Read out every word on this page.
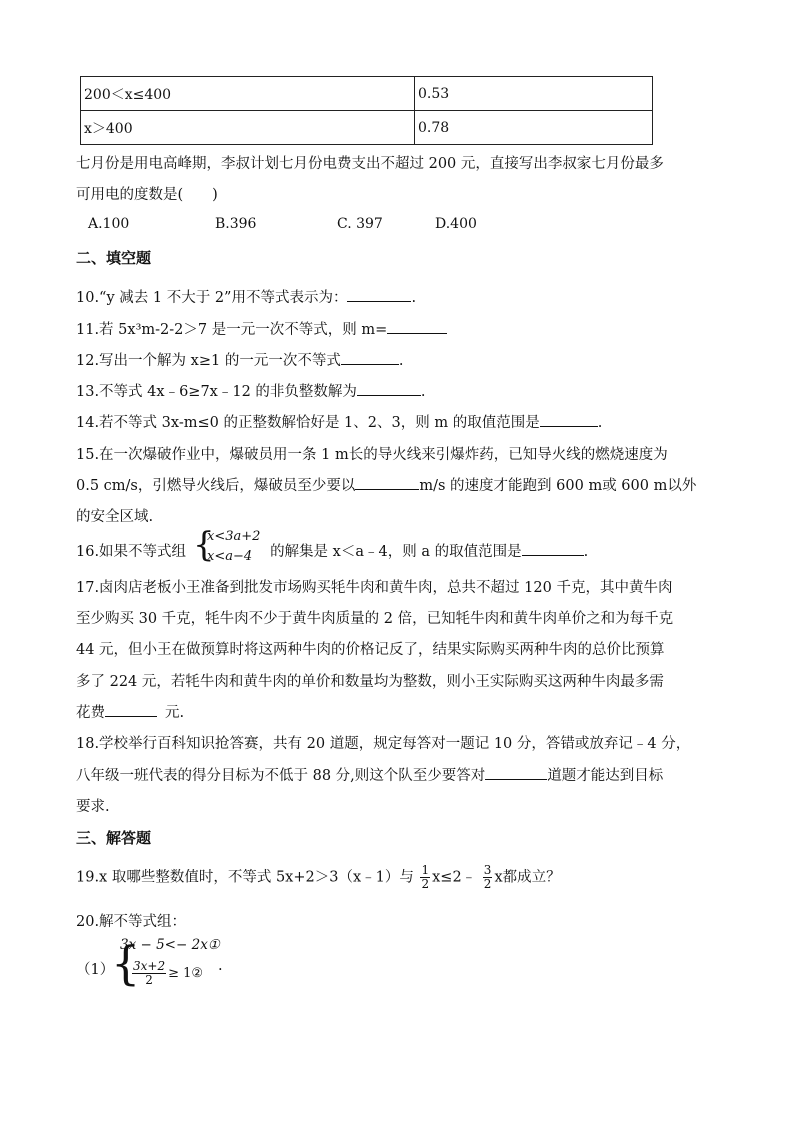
200＜x≤400	0.53
x＞400	0.78
七月份是用电高峰期，李叔计划七月份电费支出不超过 200 元，直接写出李叔家七月份最多
可用电的度数是(　　)
A.100	B.396	C. 397	D.400
二、填空题
10.“y 减去 1 不大于 2”用不等式表示为：	.
11.若 5x³m-2-2＞7 是一元一次不等式，则 m=
12.写出一个解为 x≥1 的一元一次不等式	.
13.不等式 4x﹣6≥7x﹣12 的非负整数解为	.
14.若不等式 3x-m≤0 的正整数解恰好是 1、2、3，则 m 的取值范围是	.
15.在一次爆破作业中，爆破员用一条 1 m长的导火线来引爆炸药，已知导火线的燃烧速度为
0.5 cm/s，引燃导火线后，爆破员至少要以	m/s 的速度才能跑到 600 m或 600 m以外
的安全区域.
16.如果不等式组	的解集是 x＜a﹣4，则 a 的取值范围是	.
{
x<3a+2
x<a−4
17.卤肉店老板小王准备到批发市场购买牦牛肉和黄牛肉，总共不超过 120 千克，其中黄牛肉
至少购买 30 千克，牦牛肉不少于黄牛肉质量的 2 倍，已知牦牛肉和黄牛肉单价之和为每千克
44 元，但小王在做预算时将这两种牛肉的价格记反了，结果实际购买两种牛肉的总价比预算
多了 224 元，若牦牛肉和黄牛肉的单价和数量均为整数，则小王实际购买这两种牛肉最多需
花费	元.
18.学校举行百科知识抢答赛，共有 20 道题，规定每答对一题记 10 分，答错或放弃记﹣4 分，
八年级一班代表的得分目标为不低于 88 分,则这个队至少要答对	道题才能达到目标
要求.
三、解答题
19.x 取哪些整数值时，不等式 5x+2＞3（x﹣1）与 $\frac{1}{2}$ x≤2﹣ $\frac{3}{2}$ x都成立？
20.解不等式组：
（1）
{
3x − 5<− 2x①
$\frac{3x+2}{2}$ ≥ 1② .
